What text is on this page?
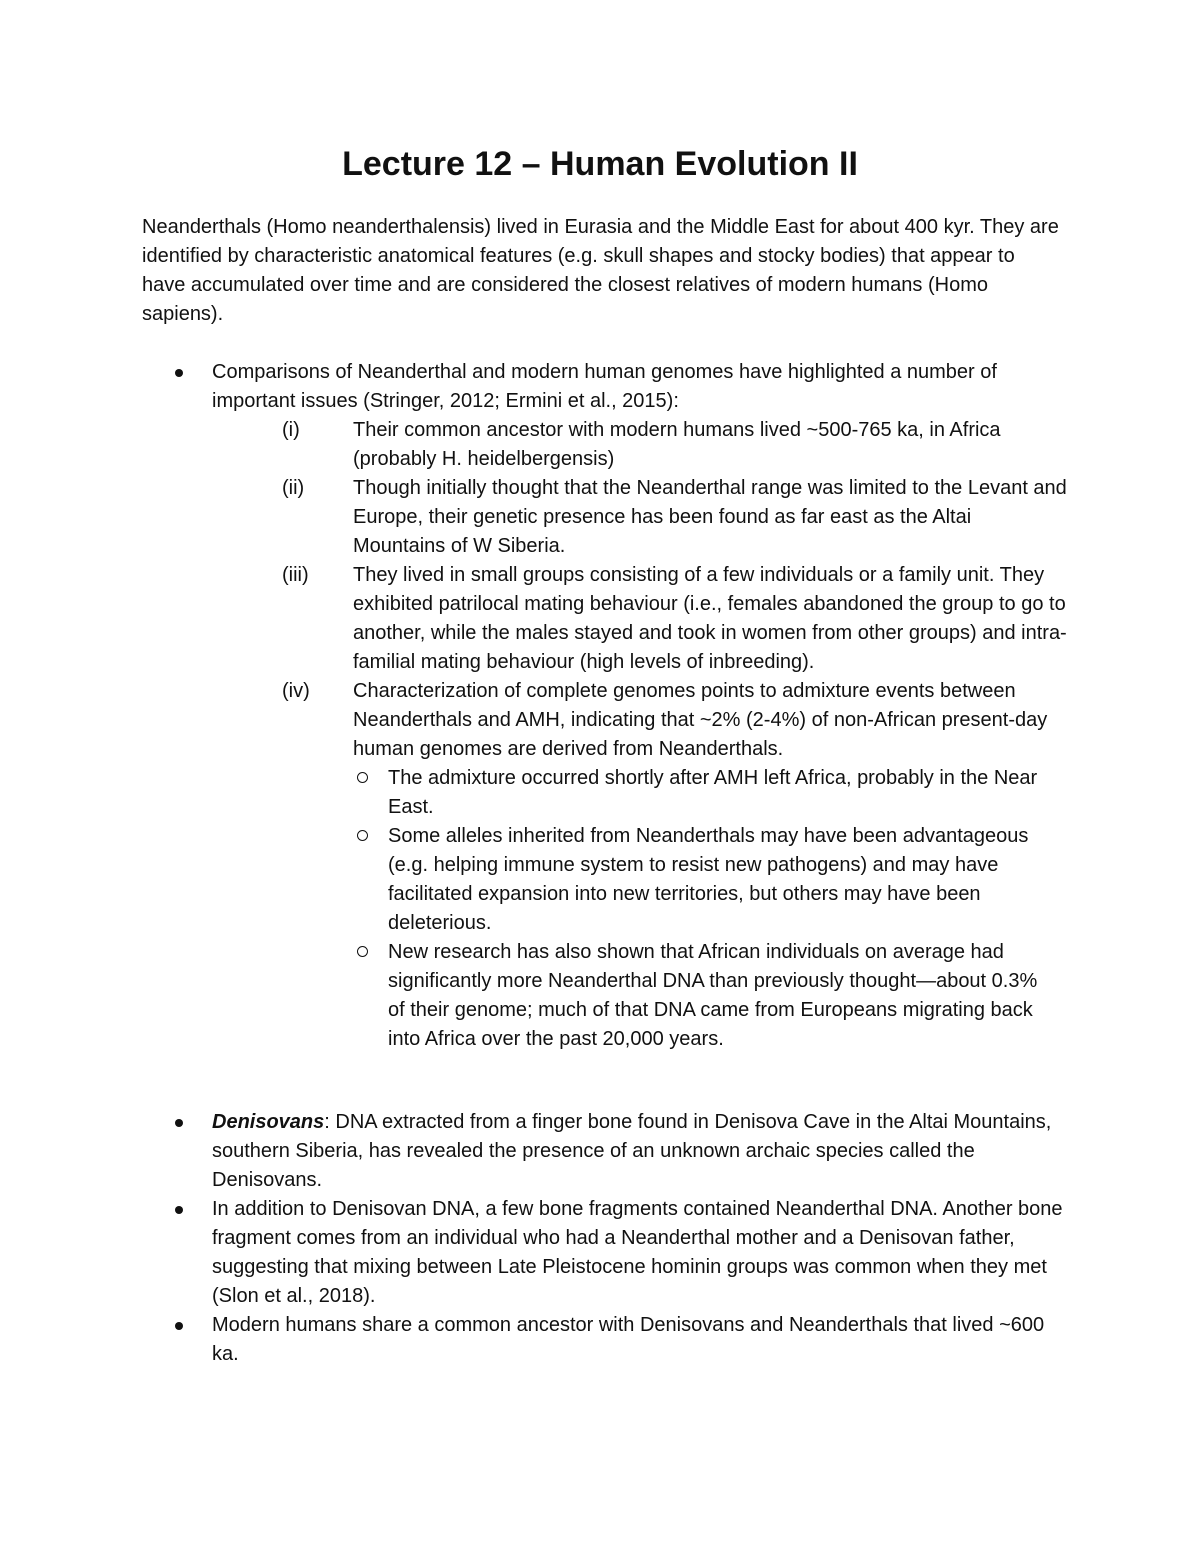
Lecture 12 – Human Evolution II

Neanderthals (Homo neanderthalensis) lived in Eurasia and the Middle East for about 400 kyr. They are identified by characteristic anatomical features (e.g. skull shapes and stocky bodies) that appear to have accumulated over time and are considered the closest relatives of modern humans (Homo sapiens).

Comparisons of Neanderthal and modern human genomes have highlighted a number of important issues (Stringer, 2012; Ermini et al., 2015):
(i)	Their common ancestor with modern humans lived ~500-765 ka, in Africa (probably H. heidelbergensis)
(ii) Though initially thought that the Neanderthal range was limited to the Levant and Europe, their genetic presence has been found as far east as the Altai Mountains of W Siberia.
(iii) They lived in small groups consisting of a few individuals or a family unit. They exhibited patrilocal mating behaviour (i.e., females abandoned the group to go to another, while the males stayed and took in women from other groups) and intra-familial mating behaviour (high levels of inbreeding).
(iv) Characterization of complete genomes points to admixture events between Neanderthals and AMH, indicating that ~2% (2-4%) of non-African present-day human genomes are derived from Neanderthals.
The admixture occurred shortly after AMH left Africa, probably in the Near East.
Some alleles inherited from Neanderthals may have been advantageous (e.g. helping immune system to resist new pathogens) and may have facilitated expansion into new territories, but others may have been deleterious.
New research has also shown that African individuals on average had significantly more Neanderthal DNA than previously thought—about 0.3% of their genome; much of that DNA came from Europeans migrating back into Africa over the past 20,000 years.
Denisovans: DNA extracted from a finger bone found in Denisova Cave in the Altai Mountains, southern Siberia, has revealed the presence of an unknown archaic species called the Denisovans.
In addition to Denisovan DNA, a few bone fragments contained Neanderthal DNA. Another bone fragment comes from an individual who had a Neanderthal mother and a Denisovan father, suggesting that mixing between Late Pleistocene hominin groups was common when they met (Slon et al., 2018).
Modern humans share a common ancestor with Denisovans and Neanderthals that lived ~600 ka.
